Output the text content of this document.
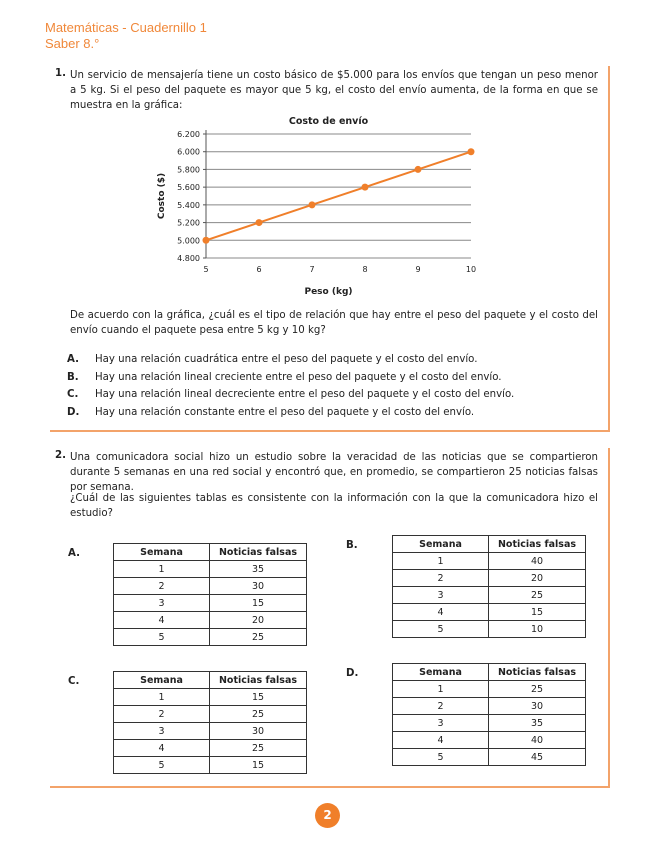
Matemáticas - Cuadernillo 1
Saber 8.°
1. Un servicio de mensajería tiene un costo básico de $5.000 para los envíos que tengan un peso menor a 5 kg. Si el peso del paquete es mayor que 5 kg, el costo del envío aumenta, de la forma en que se muestra en la gráfica:
Costo de envío
4.800
5.000
5.200
5.400
5.600
5.800
6.000
6.200
5	6	7	8	9	10
Peso (kg)
Costo ($)
De acuerdo con la gráfica, ¿cuál es el tipo de relación que hay entre el peso del paquete y el costo del envío cuando el paquete pesa entre 5 kg y 10 kg?
A. Hay una relación cuadrática entre el peso del paquete y el costo del envío.
B. Hay una relación lineal creciente entre el peso del paquete y el costo del envío.
C. Hay una relación lineal decreciente entre el peso del paquete y el costo del envío.
D. Hay una relación constante entre el peso del paquete y el costo del envío.
2. Una comunicadora social hizo un estudio sobre la veracidad de las noticias que se compartieron durante 5 semanas en una red social y encontró que, en promedio, se compartieron 25 noticias falsas por semana.
¿Cuál de las siguientes tablas es consistente con la información con la que la comunicadora hizo el estudio?
A.	Semana	Noticias falsas
1	35
2	30
3	15
4	20
5	25
B.	Semana	Noticias falsas
1	40
2	20
3	25
4	15
5	10
C.	Semana	Noticias falsas
1	15
2	25
3	30
4	25
5	15
D.	Semana	Noticias falsas
1	25
2	30
3	35
4	40
5	45
2
